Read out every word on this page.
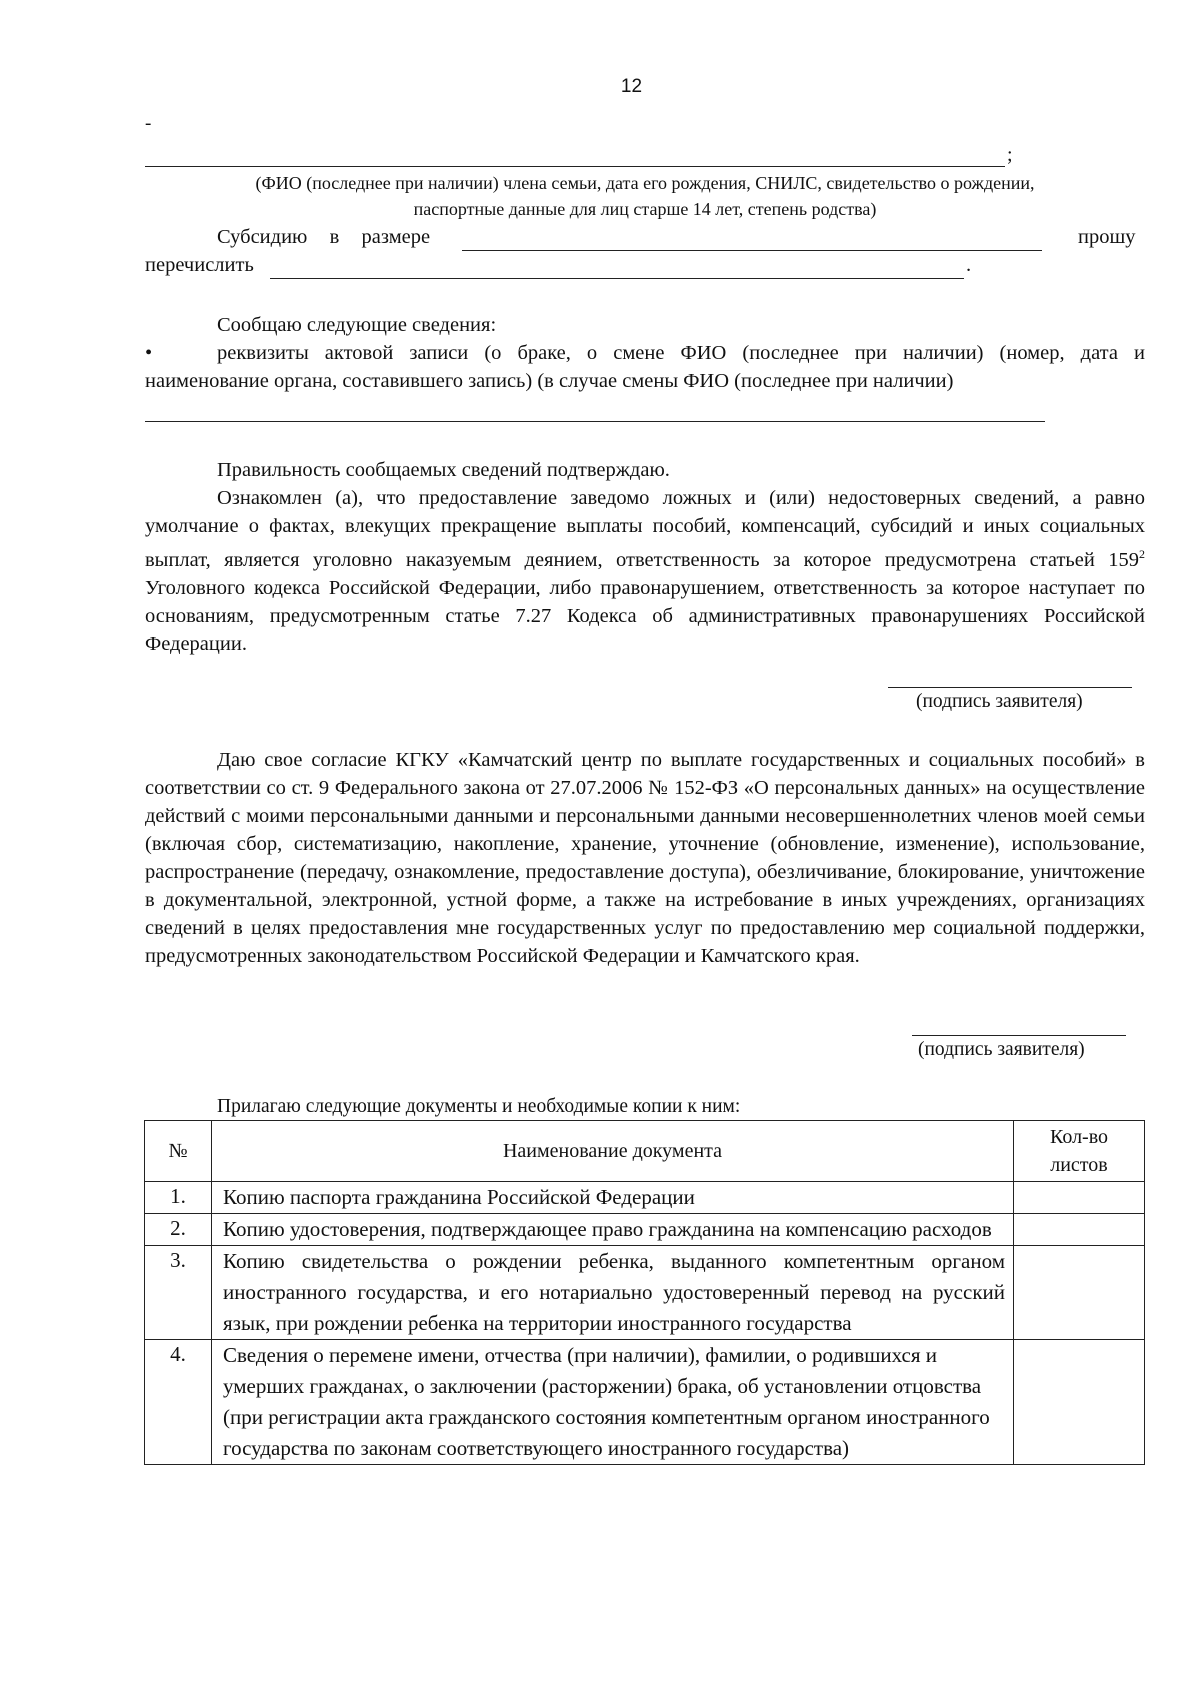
12
-
;
(ФИО (последнее при наличии) члена семьи, дата его рождения, СНИЛС, свидетельство о рождении,
паспортные данные для лиц старше 14 лет, степень родства)
Субсидию  в  размере	прошу
перечислить	.
Сообщаю следующие сведения:
•	реквизиты актовой записи (о браке, о смене ФИО (последнее при наличии) (номер, дата и
наименование органа, составившего запись) (в случае смены ФИО (последнее при наличии)
Правильность сообщаемых сведений подтверждаю.

Ознакомлен (а), что предоставление заведомо ложных и (или) недостоверных сведений, а равно умолчание о фактах, влекущих прекращение выплаты пособий, компенсаций, субсидий и иных социальных выплат, является уголовно наказуемым деянием, ответственность за которое предусмотрена статьей $159^2$ Уголовного кодекса Российской Федерации, либо правонарушением, ответственность за которое наступает по основаниям, предусмотренным статье 7.27 Кодекса об административных правонарушениях Российской Федерации.

(подпись заявителя)

Даю свое согласие КГКУ «Камчатский центр по выплате государственных и социальных пособий» в соответствии со ст. 9 Федерального закона от 27.07.2006 № 152-ФЗ «О персональных данных» на осуществление действий с моими персональными данными и персональными данными несовершеннолетних членов моей семьи (включая сбор, систематизацию, накопление, хранение, уточнение (обновление, изменение), использование, распространение (передачу, ознакомление, предоставление доступа), обезличивание, блокирование, уничтожение в документальной, электронной, устной форме, а также на истребование в иных учреждениях, организациях сведений в целях предоставления мне государственных услуг по предоставлению мер социальной поддержки, предусмотренных законодательством Российской Федерации и Камчатского края.

(подпись заявителя)
Прилагаю следующие документы и необходимые копии к ним:
№	Наименование документа	Кол-во
листов
1.	Копию паспорта гражданина Российской Федерации	
2.	Копию удостоверения, подтверждающее право гражданина на компенсацию расходов	
3.	Копию свидетельства о рождении ребенка, выданного компетентным органом иностранного государства, и его нотариально удостоверенный перевод на русский язык, при рождении ребенка на территории иностранного государства	
4.	Сведения о перемене имени, отчества (при наличии), фамилии, о родившихся и умерших гражданах, о заключении (расторжении) брака, об установлении отцовства (при регистрации акта гражданского состояния компетентным органом иностранного государства по законам соответствующего иностранного государства)	
